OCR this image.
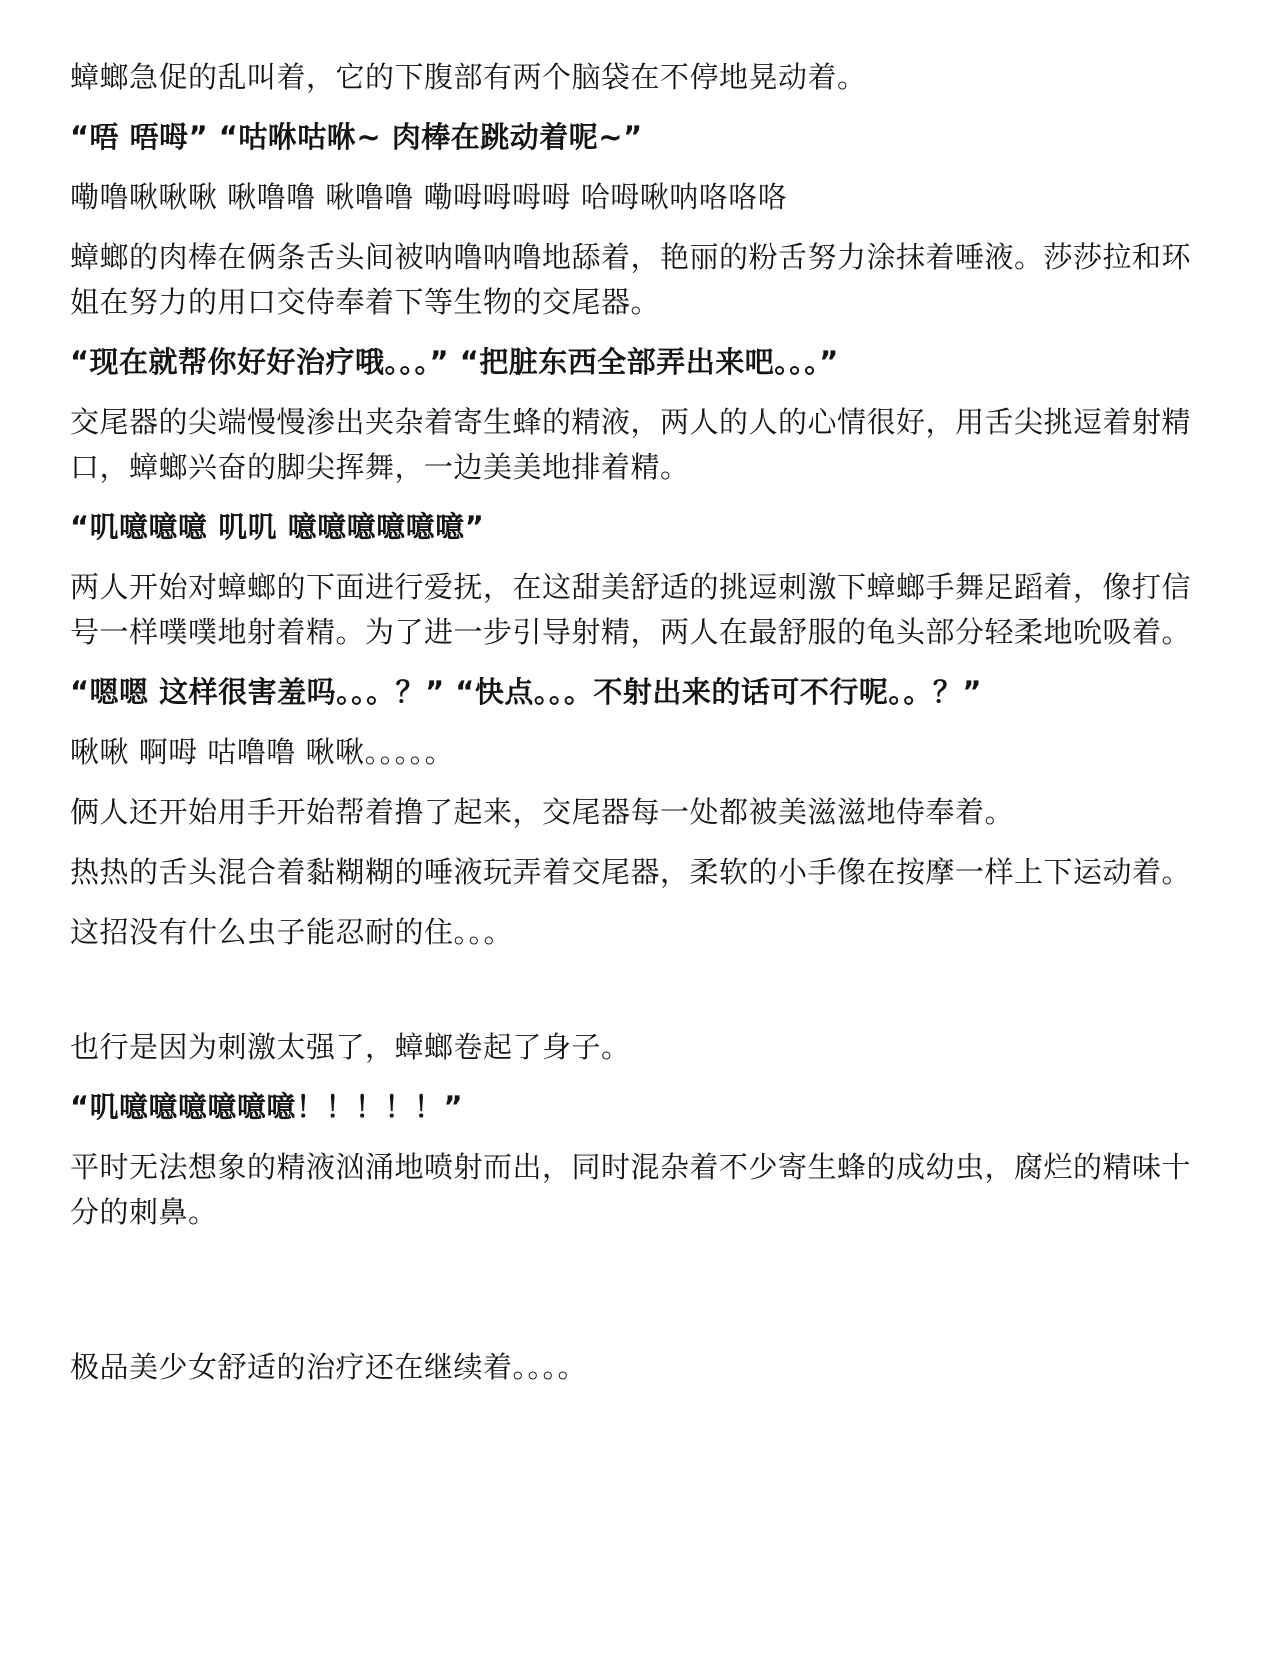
蟑螂急促的乱叫着，它的下腹部有两个脑袋在不停地晃动着。

“唔 唔呣” “咕咻咕咻~ 肉棒在跳动着呢~”

嘞噜啾啾啾 啾噜噜 啾噜噜 嘞呣呣呣呣 哈呣啾呐咯咯咯

蟑螂的肉棒在俩条舌头间被呐噜呐噜地舔着，艳丽的粉舌努力涂抹着唾液。莎莎拉和环姐在努力的用口交侍奉着下等生物的交尾器。

“现在就帮你好好治疗哦。。。” “把脏东西全部弄出来吧。。。”

交尾器的尖端慢慢渗出夹杂着寄生蜂的精液，两人的人的心情很好，用舌尖挑逗着射精口，蟑螂兴奋的脚尖挥舞，一边美美地排着精。

“叽噫噫噫 叽叽 噫噫噫噫噫噫”

两人开始对蟑螂的下面进行爱抚，在这甜美舒适的挑逗刺激下蟑螂手舞足蹈着，像打信号一样噗噗地射着精。为了进一步引导射精，两人在最舒服的龟头部分轻柔地吮吸着。

“嗯嗯 这样很害羞吗。。。？” “快点。。。不射出来的话可不行呢。。？”

啾啾 啊呣 咕噜噜 啾啾。。。。。

俩人还开始用手开始帮着撸了起来，交尾器每一处都被美滋滋地侍奉着。

热热的舌头混合着黏糊糊的唾液玩弄着交尾器，柔软的小手像在按摩一样上下运动着。

这招没有什么虫子能忍耐的住。。。

也行是因为刺激太强了，蟑螂卷起了身子。

“叽噫噫噫噫噫噫！！！！！”

平时无法想象的精液汹涌地喷射而出，同时混杂着不少寄生蜂的成幼虫，腐烂的精味十分的刺鼻。

极品美少女舒适的治疗还在继续着。。。。
